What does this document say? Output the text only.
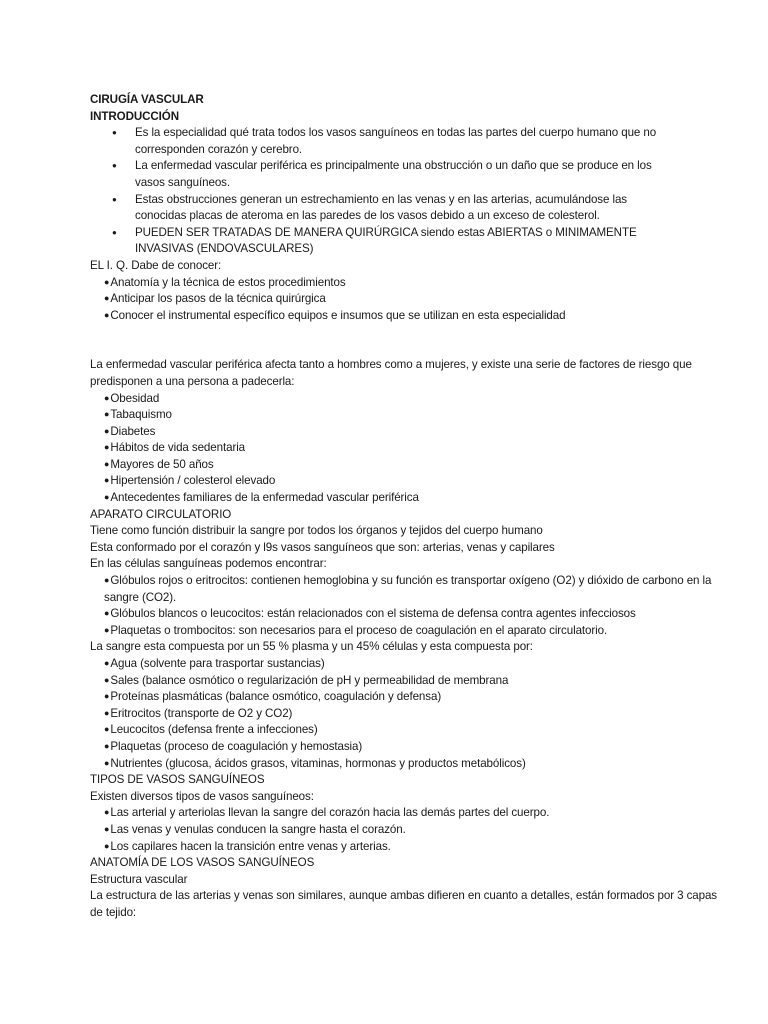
CIRUGÍA VASCULAR

INTRODUCCIÓN

● Es la especialidad qué trata todos los vasos sanguíneos en todas las partes del cuerpo humano que no corresponden corazón y cerebro.
● La enfermedad vascular periférica es principalmente una obstrucción o un daño que se produce en los vasos sanguíneos.
● Estas obstrucciones generan un estrechamiento en las venas y en las arterias, acumulándose las conocidas placas de ateroma en las paredes de los vasos debido a un exceso de colesterol.
● PUEDEN SER TRATADAS DE MANERA QUIRÚRGICA siendo estas ABIERTAS o MINIMAMENTE INVASIVAS (ENDOVASCULARES)

EL I. Q. Dabe de conocer:

●Anatomía y la técnica de estos procedimientos
●Anticipar los pasos de la técnica quirúrgica
●Conocer el instrumental específico equipos e insumos que se utilizan en esta especialidad

La enfermedad vascular periférica afecta tanto a hombres como a mujeres, y existe una serie de factores de riesgo que predisponen a una persona a padecerla:

●Obesidad
●Tabaquismo
●Diabetes
●Hábitos de vida sedentaria
●Mayores de 50 años
●Hipertensión / colesterol elevado
●Antecedentes familiares de la enfermedad vascular periférica

APARATO CIRCULATORIO

Tiene como función distribuir la sangre por todos los órganos y tejidos del cuerpo humano

Esta conformado por el corazón y l9s vasos sanguíneos que son: arterias, venas y capilares

En las células sanguíneas podemos encontrar:

●Glóbulos rojos o eritrocitos: contienen hemoglobina y su función es transportar oxígeno (O2) y dióxido de carbono en la sangre (CO2).
●Glóbulos blancos o leucocitos: están relacionados con el sistema de defensa contra agentes infecciosos
●Plaquetas o trombocitos: son necesarios para el proceso de coagulación en el aparato circulatorio.

La sangre esta compuesta por un 55 % plasma y un 45% células y esta compuesta por:

●Agua (solvente para trasportar sustancias)
●Sales (balance osmótico o regularización de pH y permeabilidad de membrana
●Proteínas plasmáticas (balance osmótico, coagulación y defensa)
●Eritrocitos (transporte de O2 y CO2)
●Leucocitos (defensa frente a infecciones)
●Plaquetas (proceso de coagulación y hemostasia)
●Nutrientes (glucosa, ácidos grasos, vitaminas, hormonas y productos metabólicos)

TIPOS DE VASOS SANGUÍNEOS

Existen diversos tipos de vasos sanguíneos:

●Las arterial y arteriolas llevan la sangre del corazón hacia las demás partes del cuerpo.
●Las venas y venulas conducen la sangre hasta el corazón.
●Los capilares hacen la transición entre venas y arterias.

ANATOMÍA DE LOS VASOS SANGUÍNEOS

Estructura vascular

La estructura de las arterias y venas son similares, aunque ambas difieren en cuanto a detalles, están formados por 3 capas de tejido:
